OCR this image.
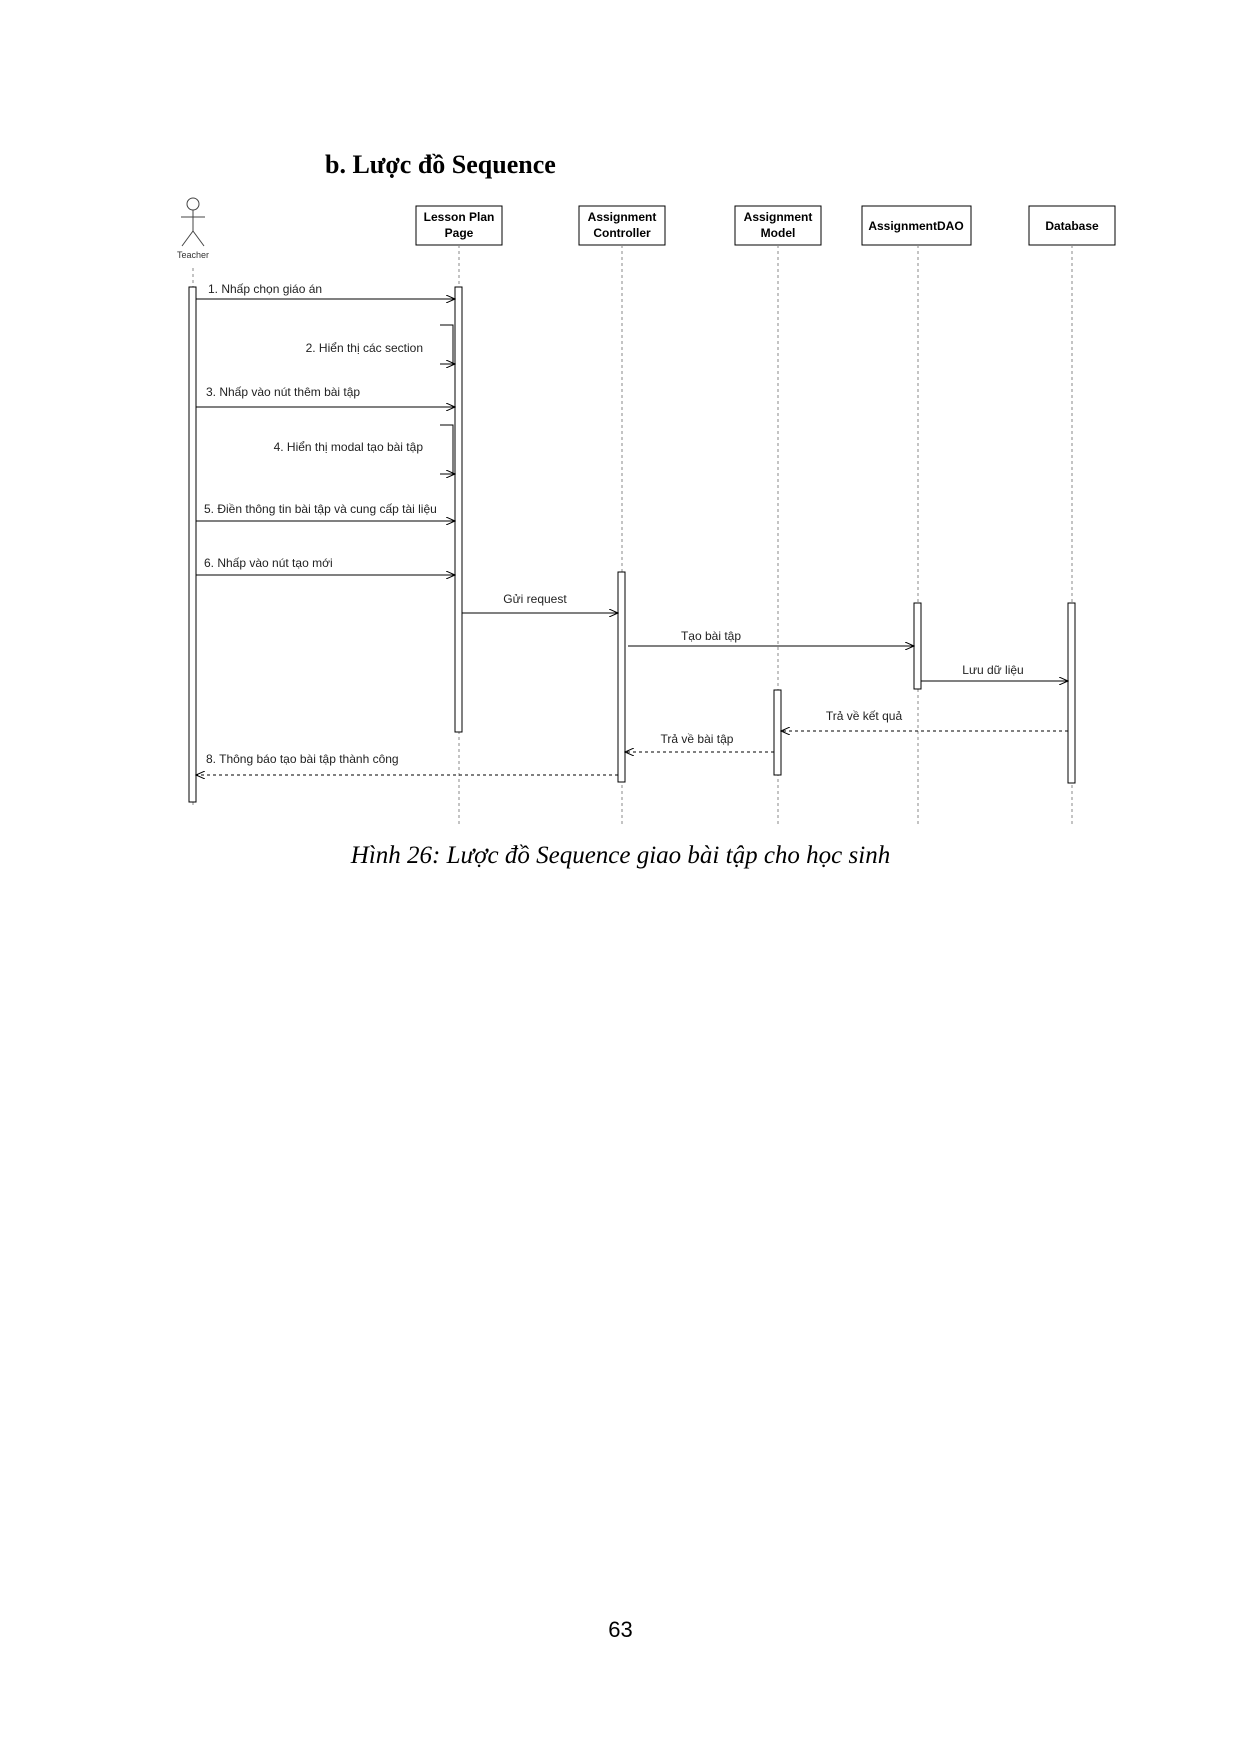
b. Lược đồ Sequence
Teacher
Lesson Plan
Page
Assignment
Controller
Assignment
Model	AssignmentDAO	Database
1. Nhấp chọn giáo án
2. Hiển thị các section
3. Nhấp vào nút thêm bài tập
4. Hiển thị modal tạo bài tập
5. Điền thông tin bài tập và cung cấp tài liệu
6. Nhấp vào nút tạo mới
Gửi request
Tạo bài tập
Lưu dữ liệu
Trả về kết quả
Trả về bài tập
8. Thông báo tạo bài tập thành công
Hình 26: Lược đồ Sequence giao bài tập cho học sinh
63
